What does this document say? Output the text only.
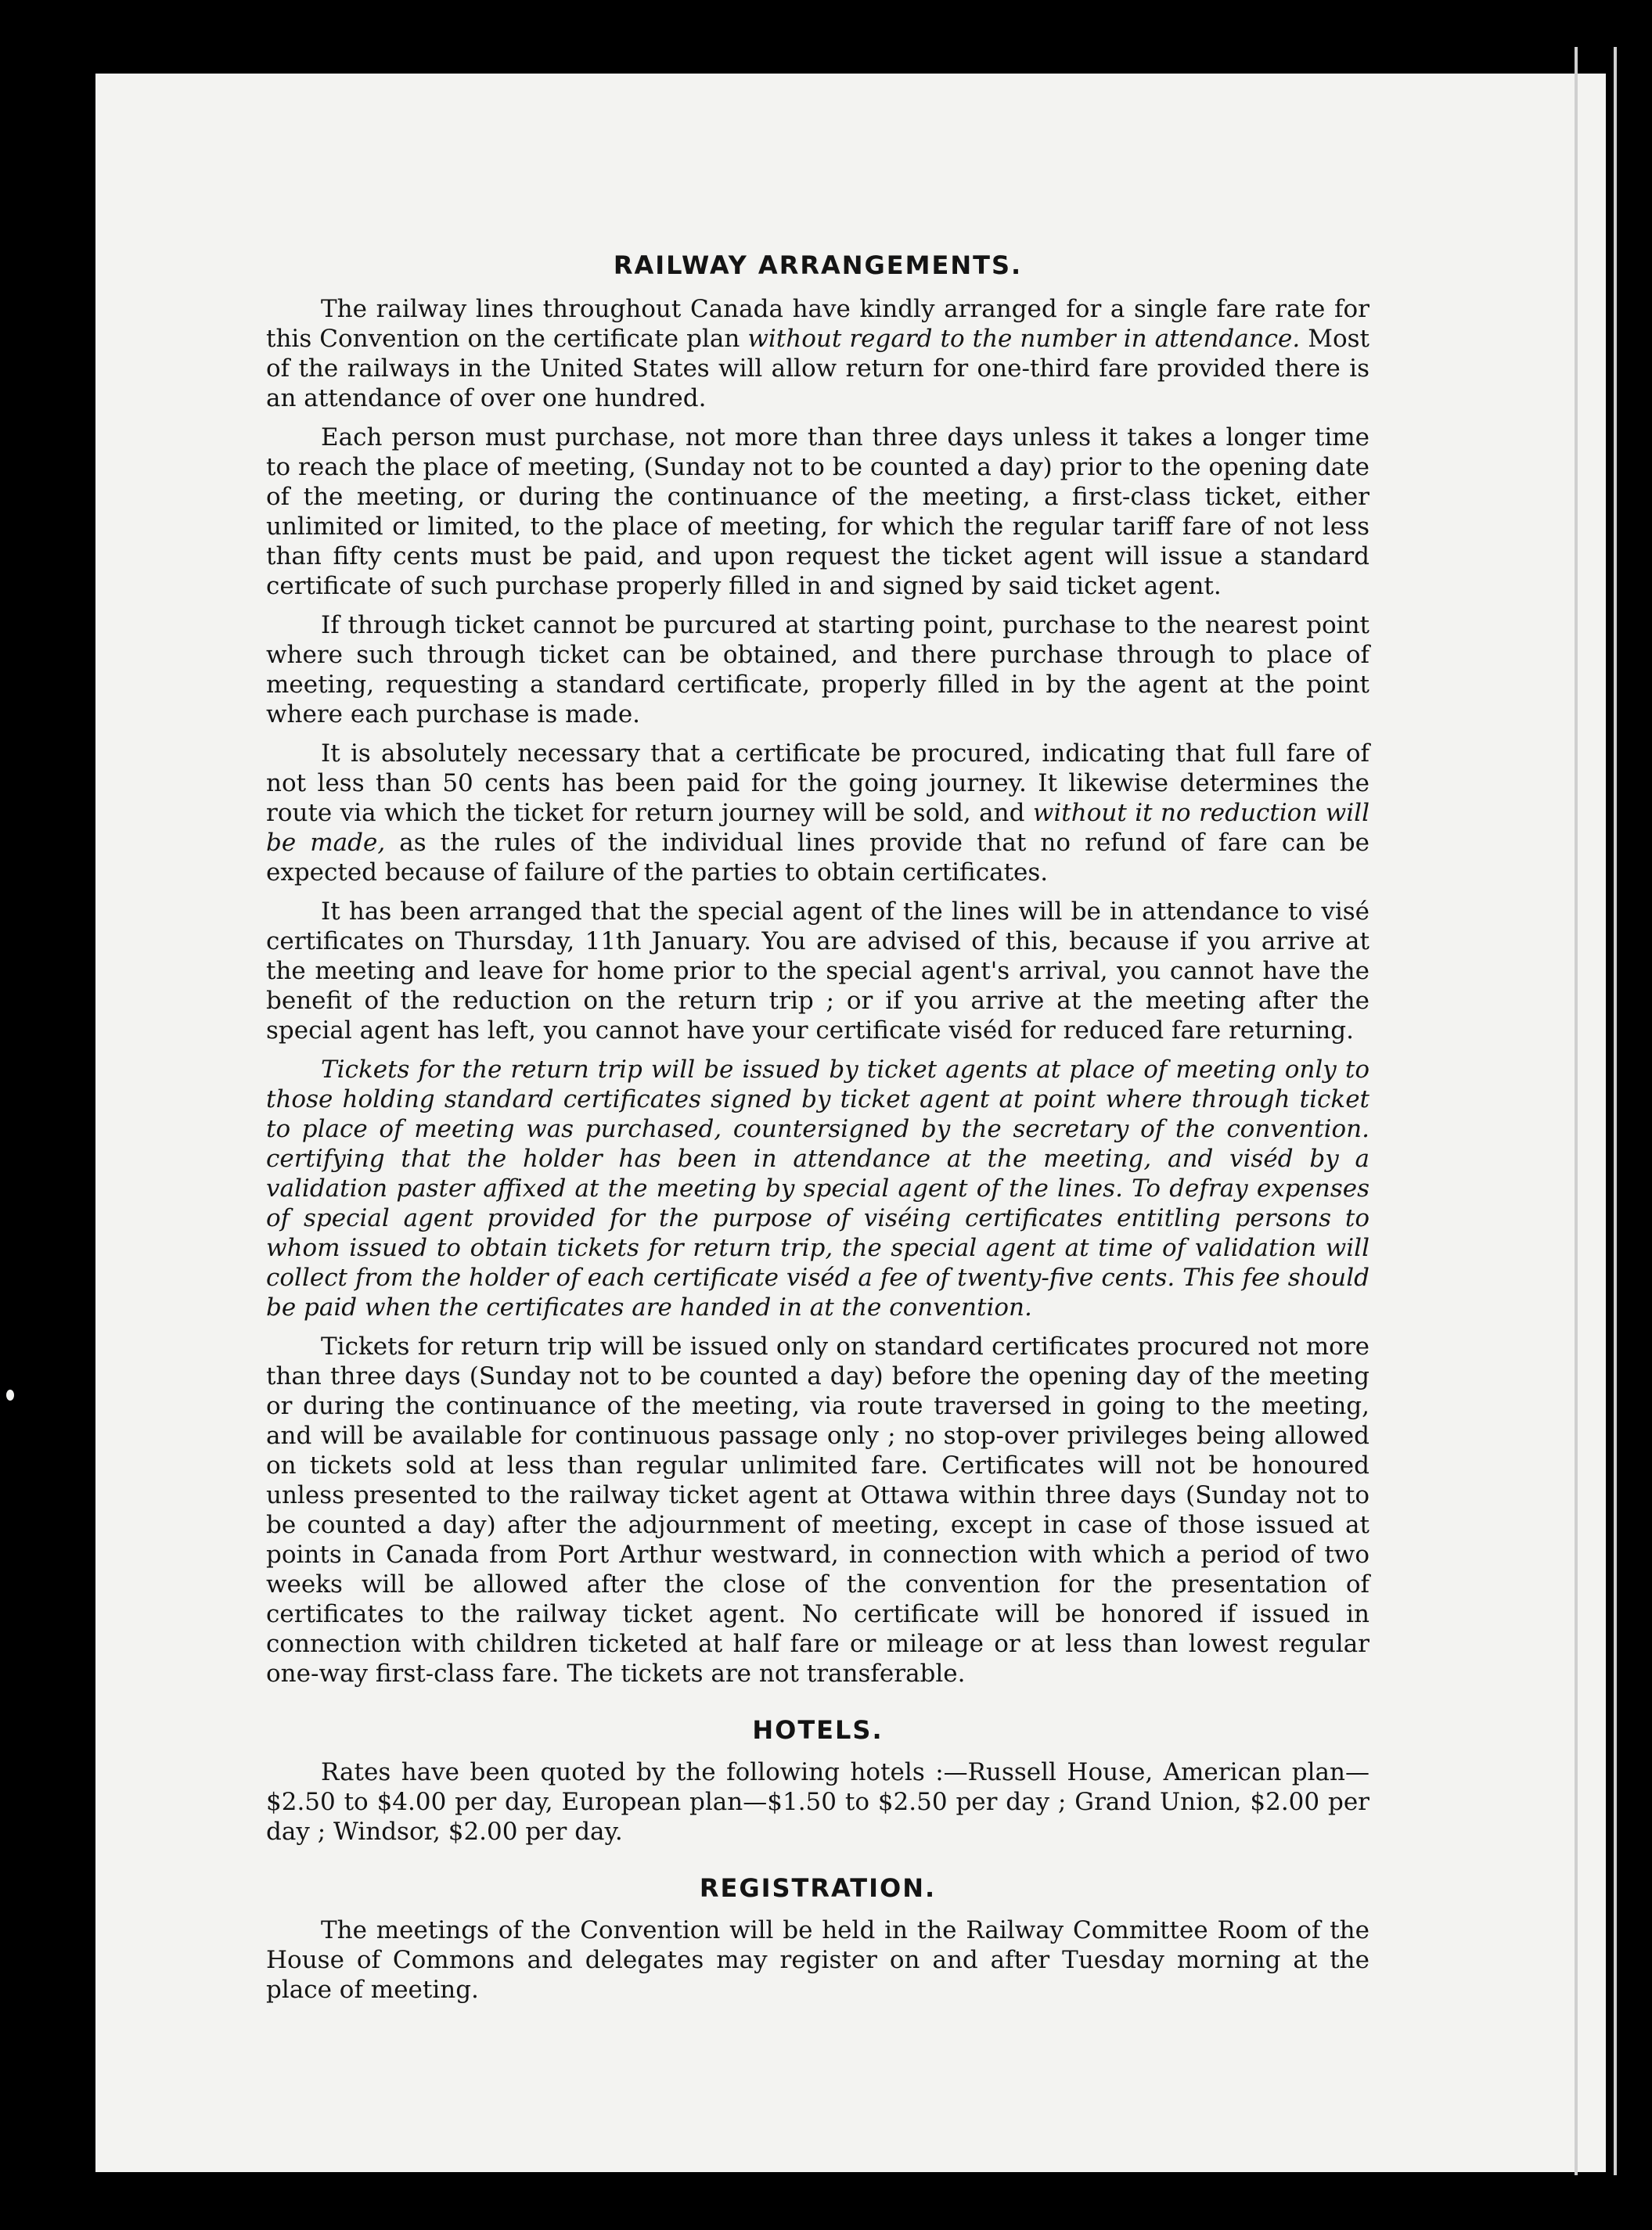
RAILWAY ARRANGEMENTS.

The railway lines throughout Canada have kindly arranged for a single fare rate for this Convention on the certificate plan without regard to the number in attendance. Most of the railways in the United States will allow return for one-third fare provided there is an attendance of over one hundred.

Each person must purchase, not more than three days unless it takes a longer time to reach the place of meeting, (Sunday not to be counted a day) prior to the opening date of the meeting, or during the continuance of the meeting, a first-class ticket, either unlimited or limited, to the place of meeting, for which the regular tariff fare of not less than fifty cents must be paid, and upon request the ticket agent will issue a standard certificate of such purchase properly filled in and signed by said ticket agent.

If through ticket cannot be purcured at starting point, purchase to the nearest point where such through ticket can be obtained, and there purchase through to place of meeting, requesting a standard certificate, properly filled in by the agent at the point where each purchase is made.

It is absolutely necessary that a certificate be procured, indicating that full fare of not less than 50 cents has been paid for the going journey. It likewise determines the route via which the ticket for return journey will be sold, and without it no reduction will be made, as the rules of the individual lines provide that no refund of fare can be expected because of failure of the parties to obtain certificates.

It has been arranged that the special agent of the lines will be in attendance to visé certificates on Thursday, 11th January. You are advised of this, because if you arrive at the meeting and leave for home prior to the special agent's arrival, you cannot have the benefit of the reduction on the return trip ; or if you arrive at the meeting after the special agent has left, you cannot have your certificate viséd for reduced fare returning.

Tickets for the return trip will be issued by ticket agents at place of meeting only to those holding standard certificates signed by ticket agent at point where through ticket to place of meeting was purchased, countersigned by the secretary of the convention. certifying that the holder has been in attendance at the meeting, and viséd by a validation paster affixed at the meeting by special agent of the lines. To defray expenses of special agent provided for the purpose of viséing certificates entitling persons to whom issued to obtain tickets for return trip, the special agent at time of validation will collect from the holder of each certificate viséd a fee of twenty-five cents. This fee should be paid when the certificates are handed in at the convention.

Tickets for return trip will be issued only on standard certificates procured not more than three days (Sunday not to be counted a day) before the opening day of the meeting or during the continuance of the meeting, via route traversed in going to the meeting, and will be available for continuous passage only ; no stop-over privileges being allowed on tickets sold at less than regular unlimited fare. Certificates will not be honoured unless presented to the railway ticket agent at Ottawa within three days (Sunday not to be counted a day) after the adjournment of meeting, except in case of those issued at points in Canada from Port Arthur westward, in connection with which a period of two weeks will be allowed after the close of the convention for the presentation of certificates to the railway ticket agent. No certificate will be honored if issued in connection with children ticketed at half fare or mileage or at less than lowest regular one-way first-class fare. The tickets are not transferable.

HOTELS.

Rates have been quoted by the following hotels :—Russell House, American plan—$2.50 to $4.00 per day, European plan—$1.50 to $2.50 per day ; Grand Union, $2.00 per day ; Windsor, $2.00 per day.

REGISTRATION.

The meetings of the Convention will be held in the Railway Committee Room of the House of Commons and delegates may register on and after Tuesday morning at the place of meeting.
